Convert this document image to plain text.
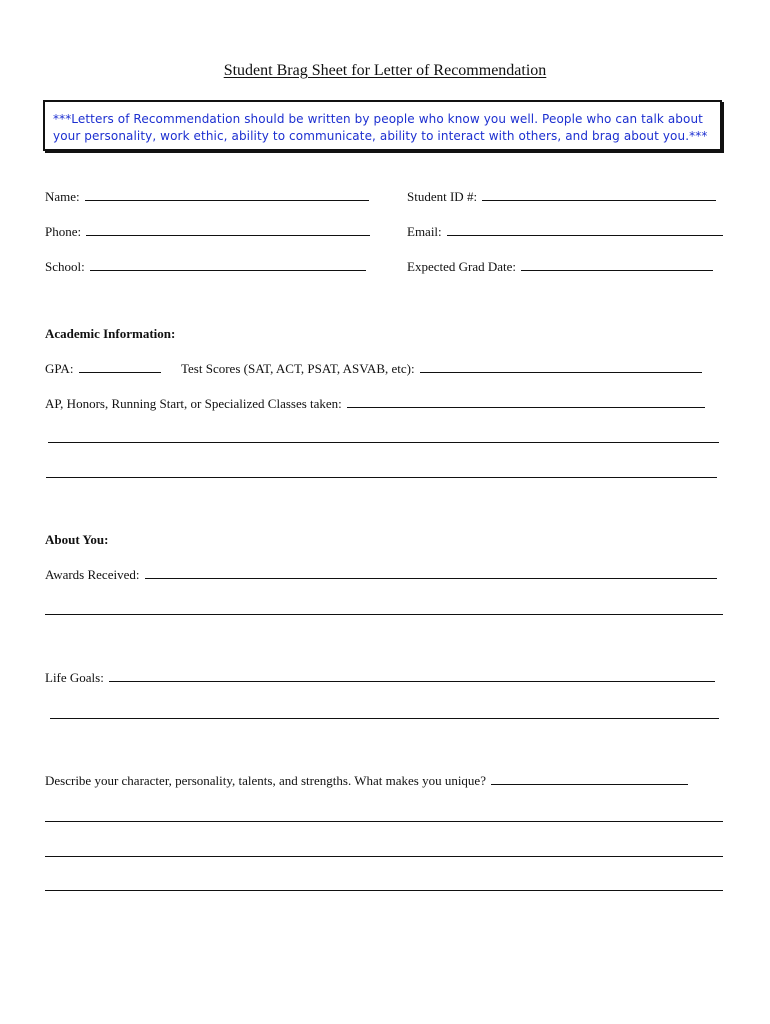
Student Brag Sheet for Letter of Recommendation
***Letters of Recommendation should be written by people who know you well. People who can talk about your personality, work ethic, ability to communicate, ability to interact with others, and brag about you.***
Name:	Student ID #:
Phone:	Email:
School:	Expected Grad Date:
Academic Information:
GPA:	Test Scores (SAT, ACT, PSAT, ASVAB, etc):
AP, Honors, Running Start, or Specialized Classes taken:
About You:
Awards Received:
Life Goals:
Describe your character, personality, talents, and strengths. What makes you unique?
